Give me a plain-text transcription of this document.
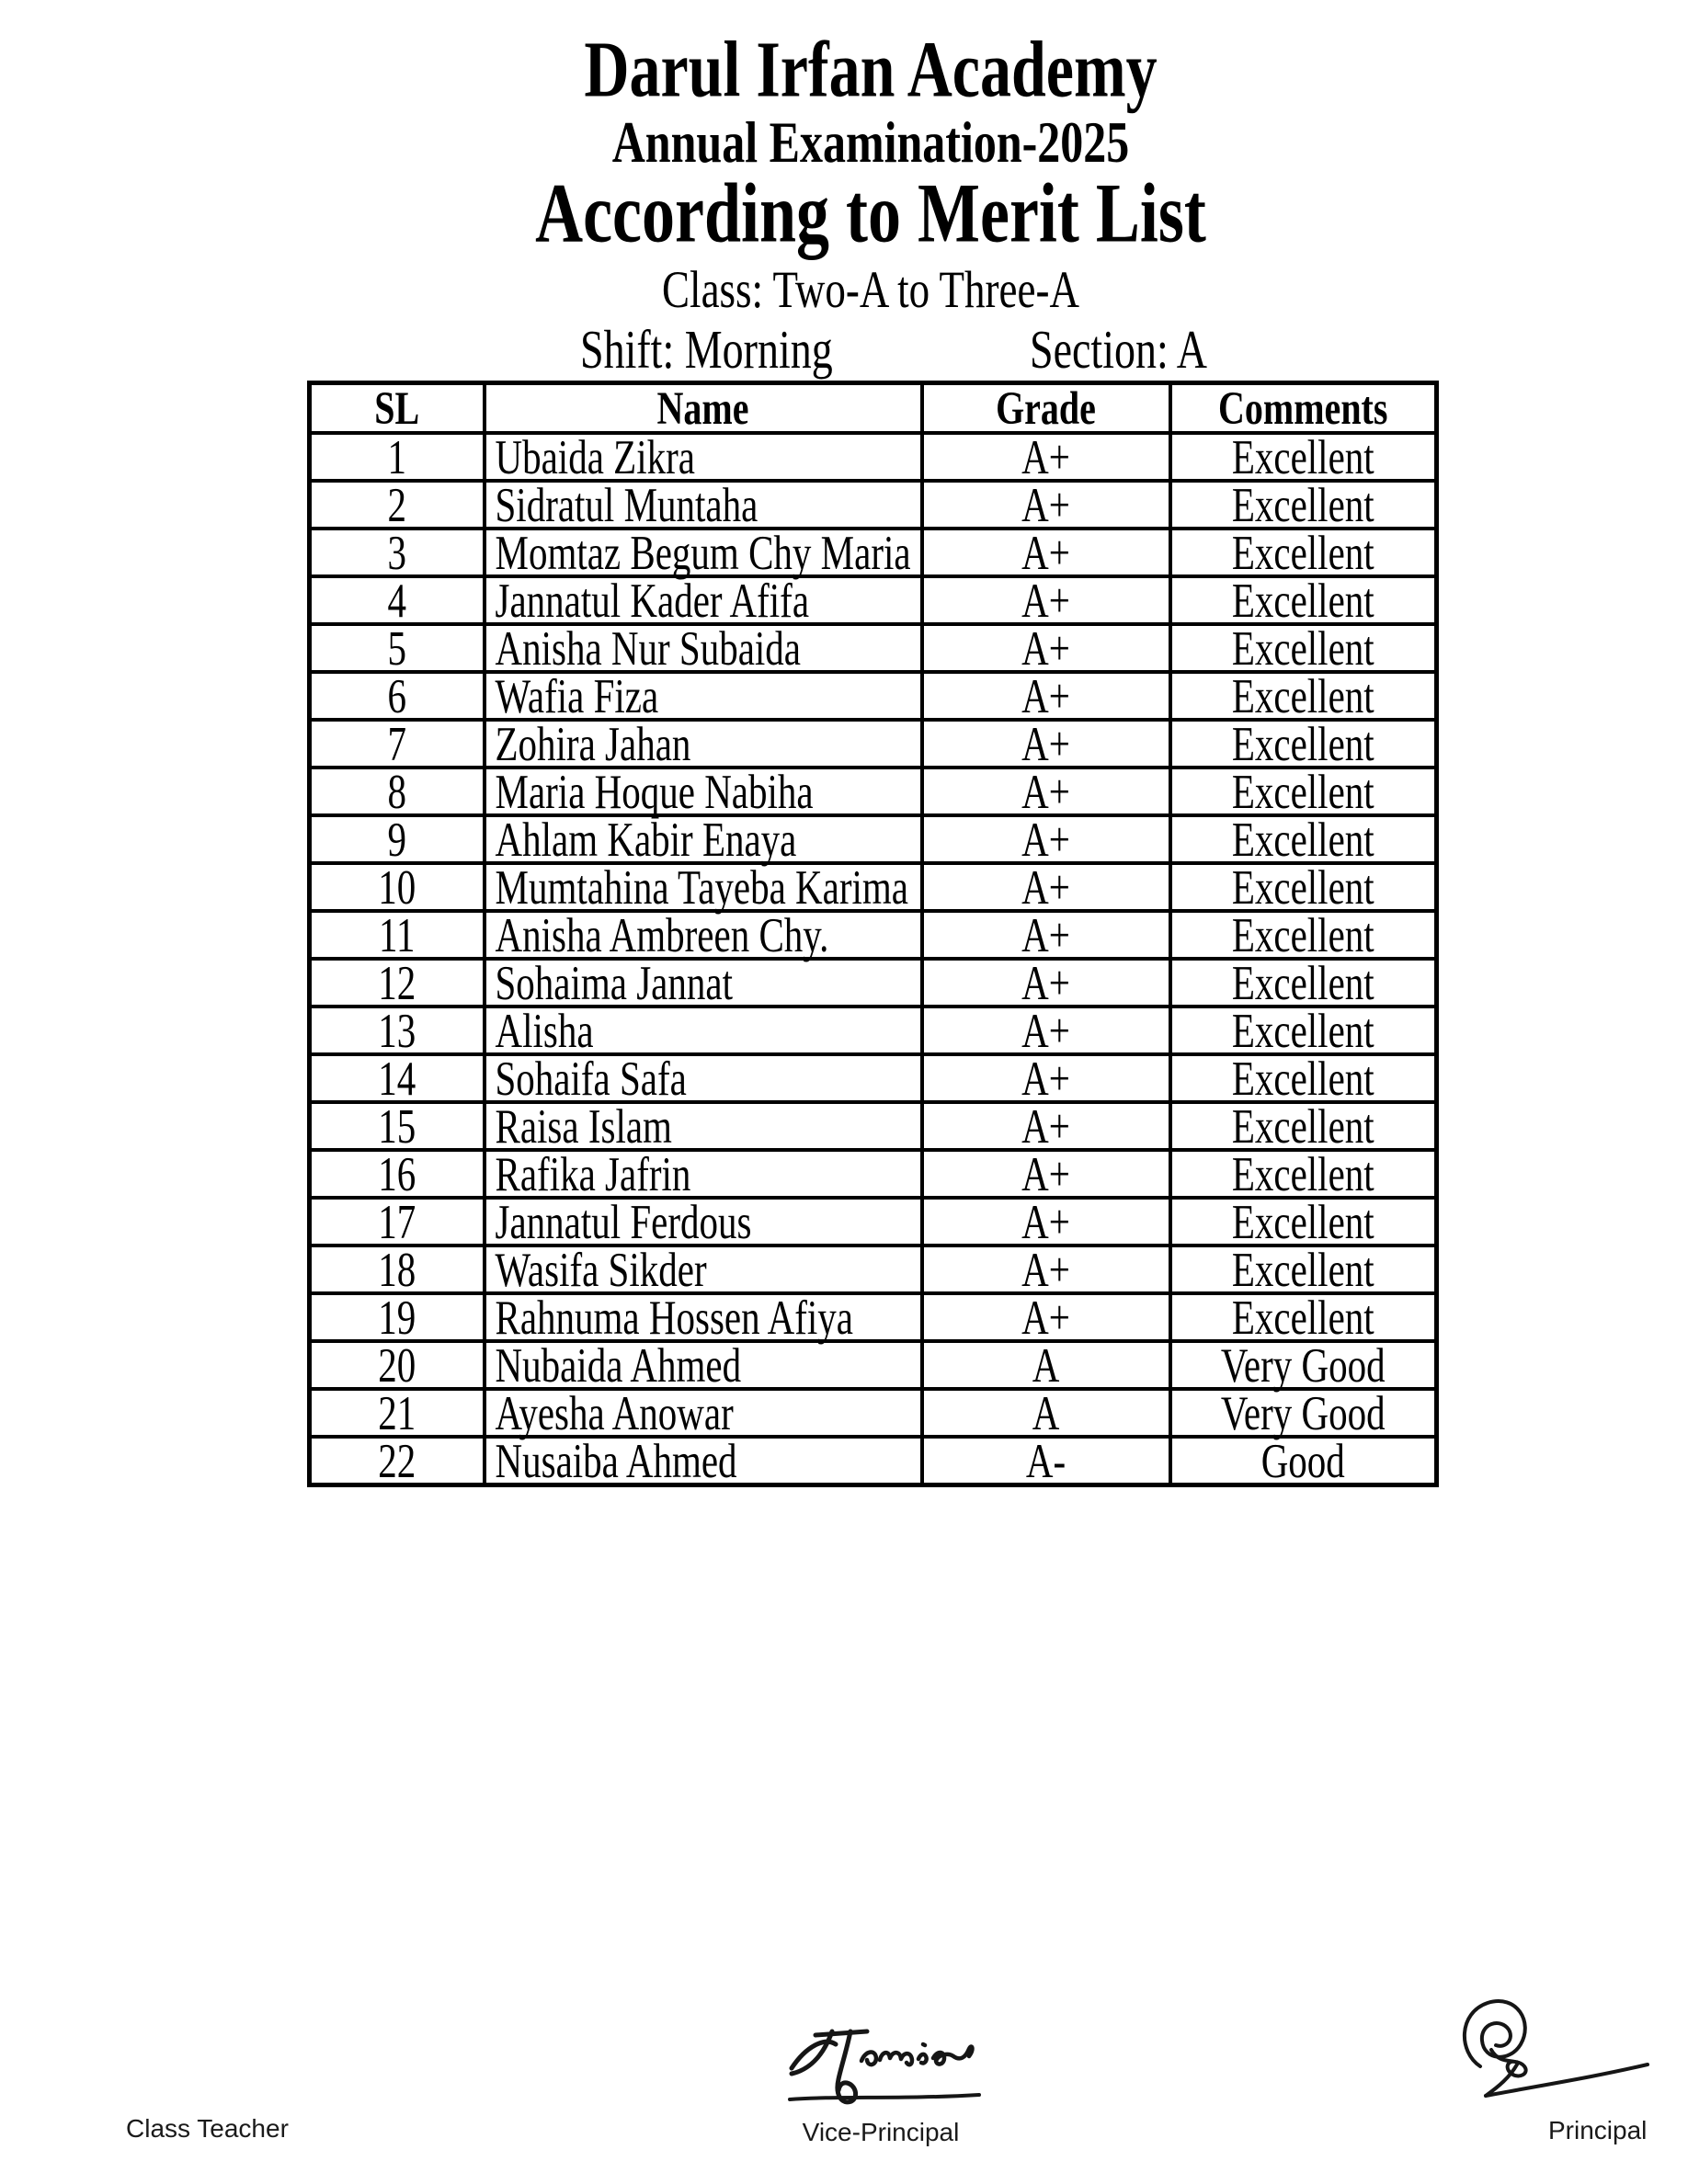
Darul Irfan Academy
Annual Examination-2025
According to Merit List
Class: Two-A to Three-A
Shift: Morning	Section: A
SL	Name	Grade	Comments
1	Ubaida Zikra	A+	Excellent
2	Sidratul Muntaha	A+	Excellent
3	Momtaz Begum Chy Maria	A+	Excellent
4	Jannatul Kader Afifa	A+	Excellent
5	Anisha Nur Subaida	A+	Excellent
6	Wafia Fiza	A+	Excellent
7	Zohira Jahan	A+	Excellent
8	Maria Hoque Nabiha	A+	Excellent
9	Ahlam Kabir Enaya	A+	Excellent
10	Mumtahina Tayeba Karima	A+	Excellent
11	Anisha Ambreen Chy.	A+	Excellent
12	Sohaima Jannat	A+	Excellent
13	Alisha	A+	Excellent
14	Sohaifa Safa	A+	Excellent
15	Raisa Islam	A+	Excellent
16	Rafika Jafrin	A+	Excellent
17	Jannatul Ferdous	A+	Excellent
18	Wasifa Sikder	A+	Excellent
19	Rahnuma Hossen Afiya	A+	Excellent
20	Nubaida Ahmed	A	Very Good
21	Ayesha Anowar	A	Very Good
22	Nusaiba Ahmed	A-	Good
Class Teacher	Vice-Principal	Principal
